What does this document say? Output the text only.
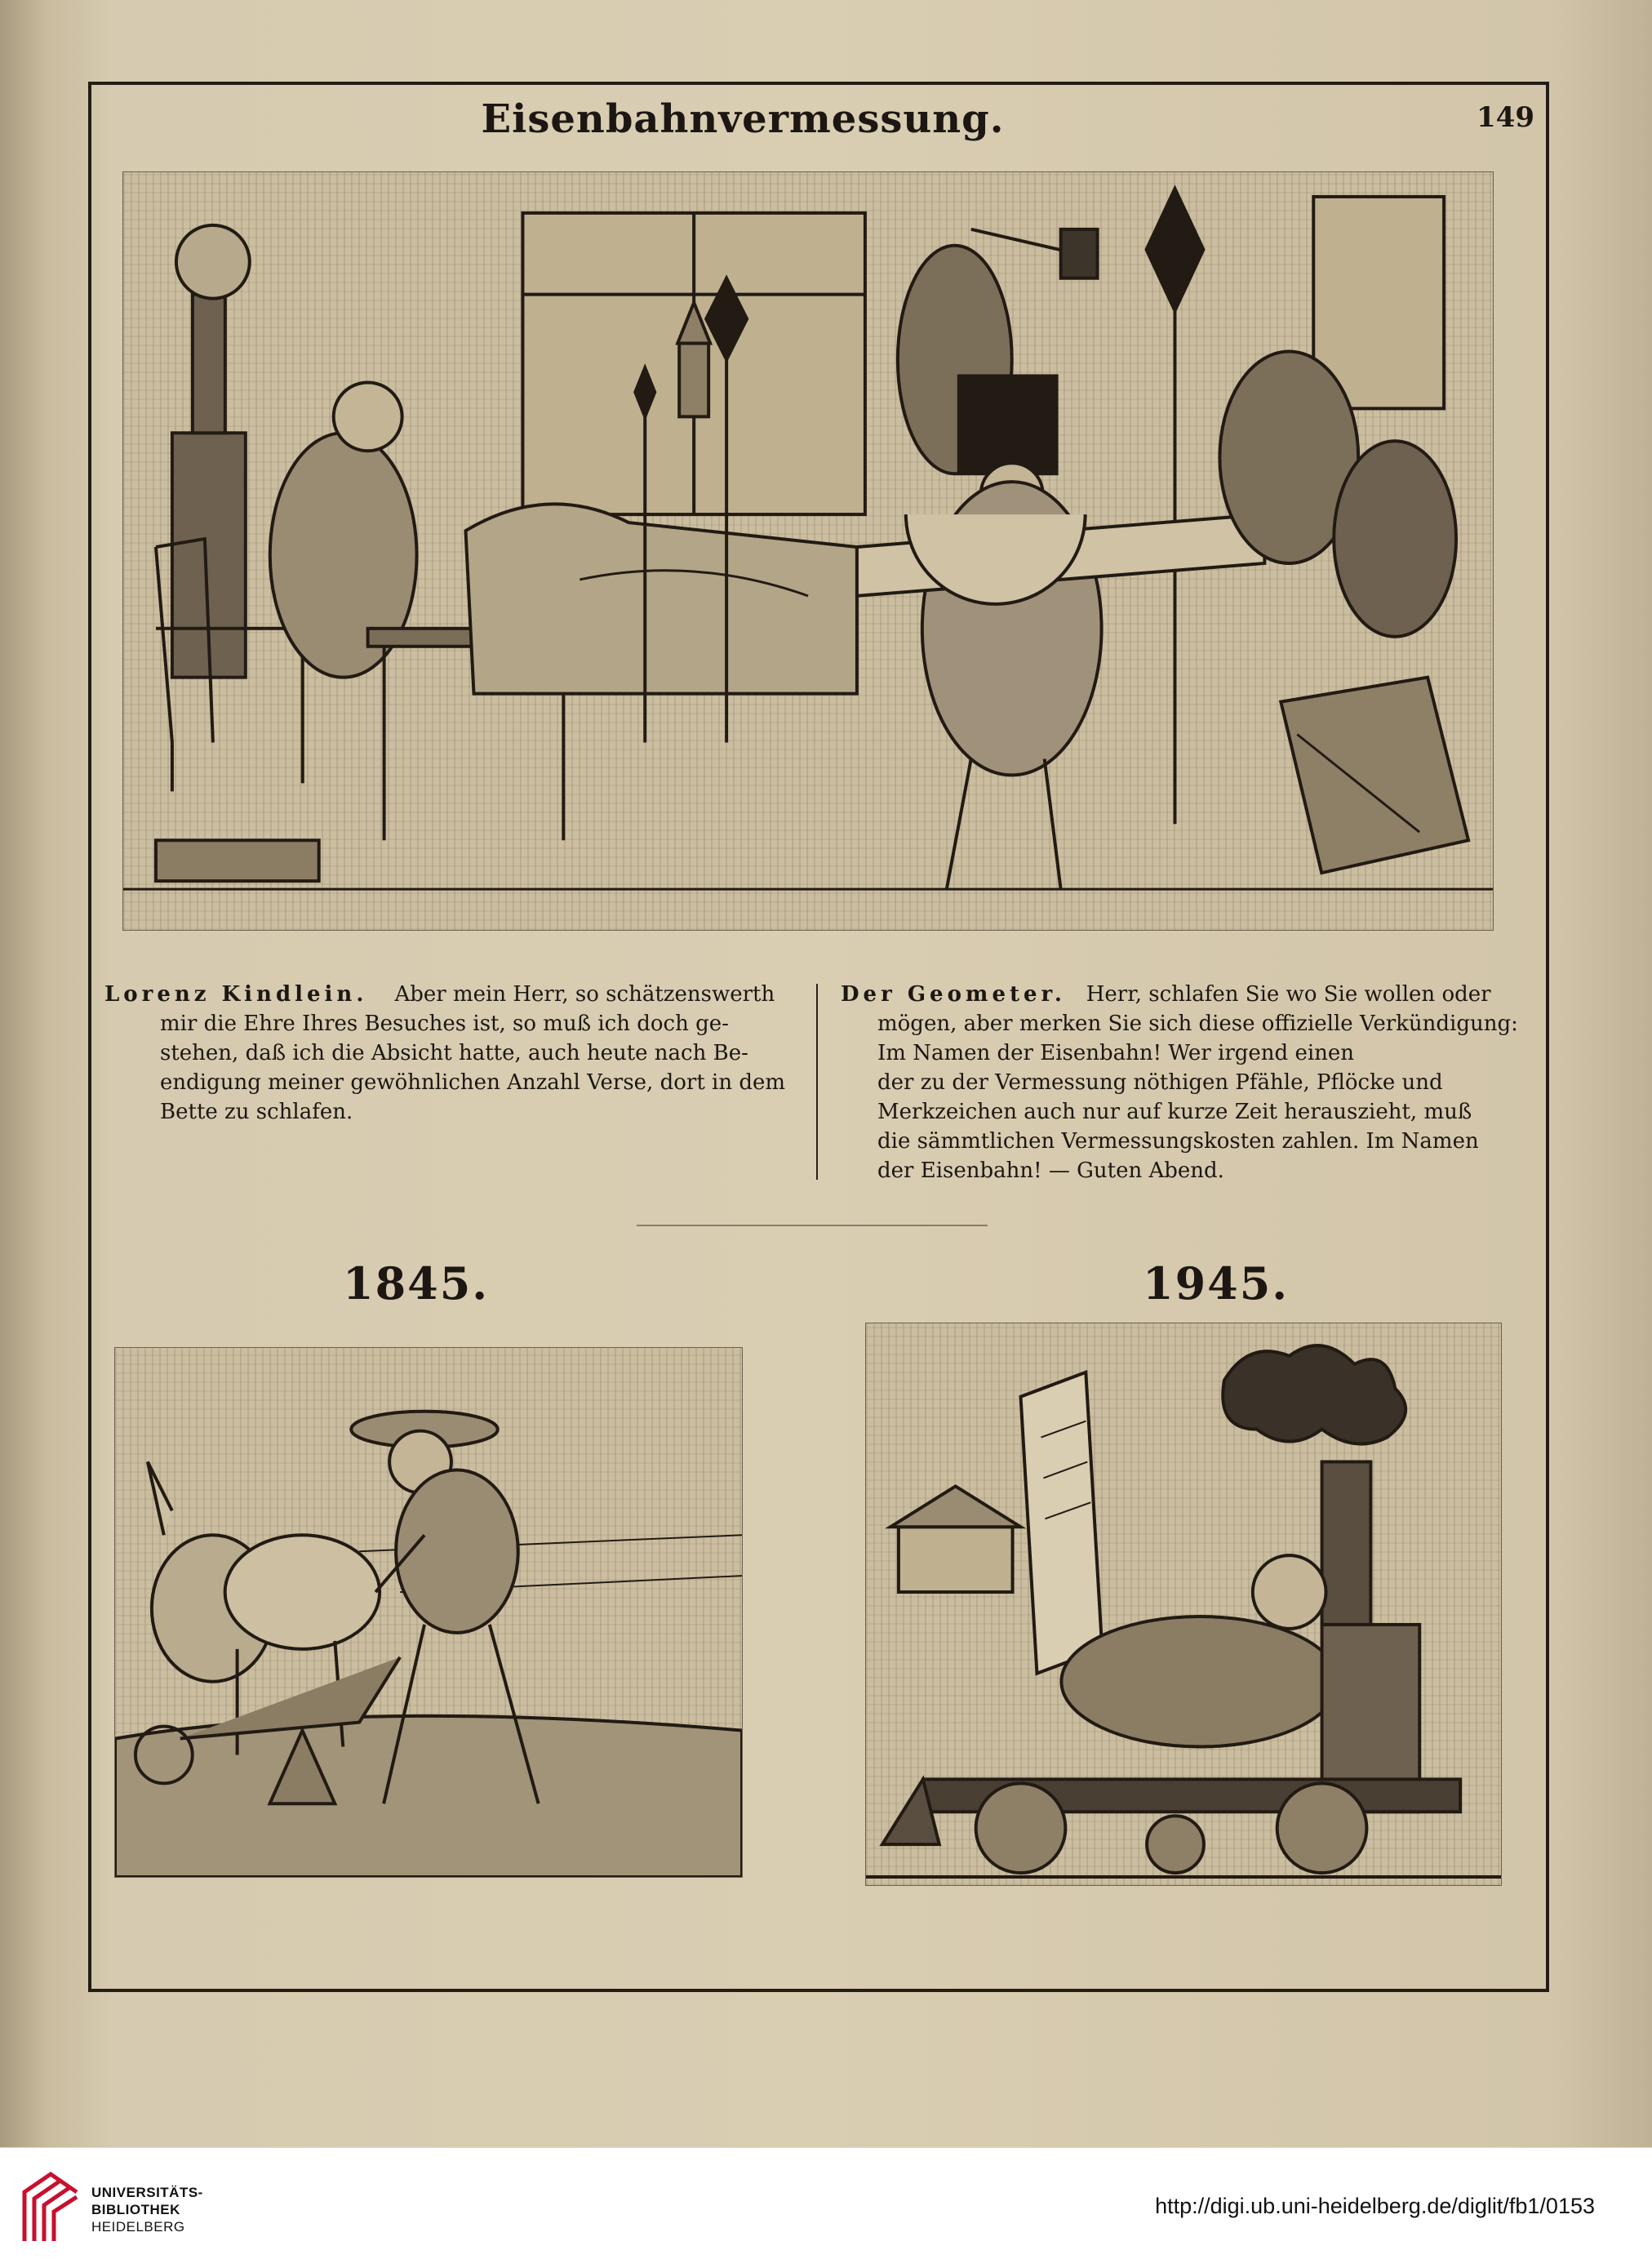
Eisenbahnvermessung.	149
Lorenz Kindlein. Aber mein Herr, so schätzenswerth
mir die Ehre Ihres Besuches ist, so muß ich doch ge-
stehen, daß ich die Absicht hatte, auch heute nach Be-
endigung meiner gewöhnlichen Anzahl Verse, dort in dem
Bette zu schlafen.
Der Geometer. Herr, schlafen Sie wo Sie wollen oder
mögen, aber merken Sie sich diese offizielle Verkündigung:
Im Namen der Eisenbahn! Wer irgend einen
der zu der Vermessung nöthigen Pfähle, Pflöcke und
Merkzeichen auch nur auf kurze Zeit herauszieht, muß
die sämmtlichen Vermessungskosten zahlen. Im Namen
der Eisenbahn! — Guten Abend.
1845.	1945.
UNIVERSITÄTS-
BIBLIOTHEK
HEIDELBERG
http://digi.ub.uni-heidelberg.de/diglit/fb1/0153
